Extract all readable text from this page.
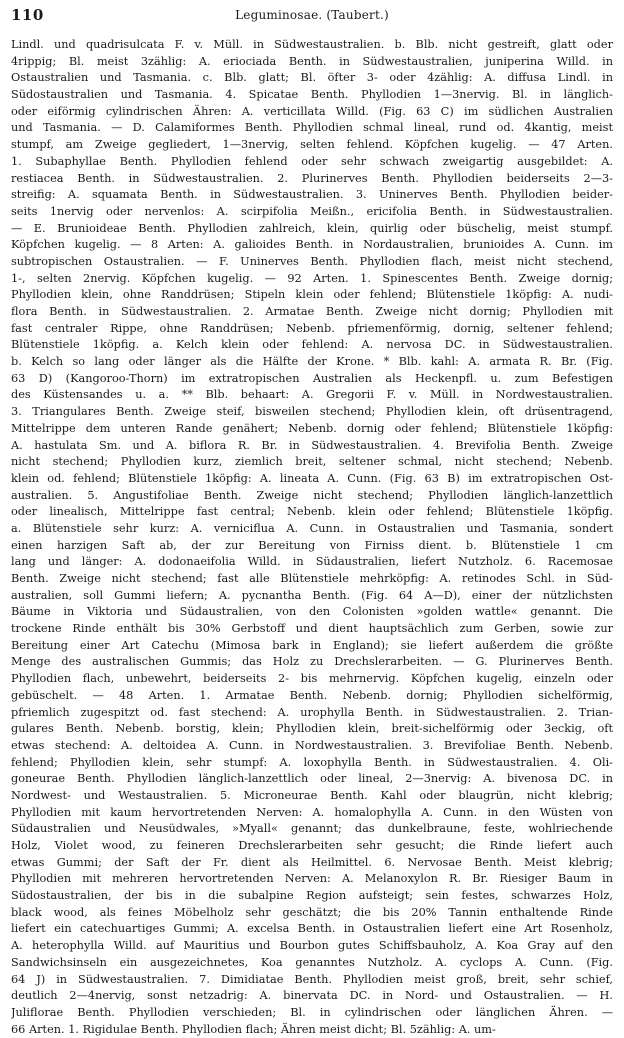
110	Leguminosae. (Taubert.)
Lindl. und quadrisulcata F. v. Müll. in Südwestaustralien. b. Blb. nicht gestreift, glatt oder
4rippig; Bl. meist 3zählig: A. eriociada Benth. in Südwestaustralien, juniperina Willd. in
Ostaustralien und Tasmania. c. Blb. glatt; Bl. öfter 3- oder 4zählig: A. diffusa Lindl. in
Südostaustralien und Tasmania. 4. Spicatae Benth. Phyllodien 1—3nervig. Bl. in länglich-
oder eiförmig cylindrischen Ähren: A. verticillata Willd. (Fig. 63 C) im südlichen Australien
und Tasmania. — D. Calamiformes Benth. Phyllodien schmal lineal, rund od. 4kantig, meist
stumpf, am Zweige gegliedert, 1—3nervig, selten fehlend. Köpfchen kugelig. — 47 Arten.
1. Subaphyllae Benth. Phyllodien fehlend oder sehr schwach zweigartig ausgebildet: A.
restiacea Benth. in Südwestaustralien. 2. Plurinerves Benth. Phyllodien beiderseits 2—3-
streifig: A. squamata Benth. in Südwestaustralien. 3. Uninerves Benth. Phyllodien beider-
seits 1nervig oder nervenlos: A. scirpifolia Meißn., ericifolia Benth. in Südwestaustralien.
— E. Brunioideae Benth. Phyllodien zahlreich, klein, quirlig oder büschelig, meist stumpf.
Köpfchen kugelig. — 8 Arten: A. galioides Benth. in Nordaustralien, brunioides A. Cunn. im
subtropischen Ostaustralien. — F. Uninerves Benth. Phyllodien flach, meist nicht stechend,
1-, selten 2nervig. Köpfchen kugelig. — 92 Arten. 1. Spinescentes Benth. Zweige dornig;
Phyllodien klein, ohne Randdrüsen; Stipeln klein oder fehlend; Blütenstiele 1köpfig: A. nudi-
flora Benth. in Südwestaustralien. 2. Armatae Benth. Zweige nicht dornig; Phyllodien mit
fast centraler Rippe, ohne Randdrüsen; Nebenb. pfriemenförmig, dornig, seltener fehlend;
Blütenstiele 1köpfig. a. Kelch klein oder fehlend: A. nervosa DC. in Südwestaustralien.
b. Kelch so lang oder länger als die Hälfte der Krone. * Blb. kahl: A. armata R. Br. (Fig.
63 D) (Kangoroo-Thorn) im extratropischen Australien als Heckenpfl. u. zum Befestigen
des Küstensandes u. a. ** Blb. behaart: A. Gregorii F. v. Müll. in Nordwestaustralien.
3. Triangulares Benth. Zweige steif, bisweilen stechend; Phyllodien klein, oft drüsentragend,
Mittelrippe dem unteren Rande genähert; Nebenb. dornig oder fehlend; Blütenstiele 1köpfig:
A. hastulata Sm. und A. biflora R. Br. in Südwestaustralien. 4. Brevifolia Benth. Zweige
nicht stechend; Phyllodien kurz, ziemlich breit, seltener schmal, nicht stechend; Nebenb.
klein od. fehlend; Blütenstiele 1köpfig: A. lineata A. Cunn. (Fig. 63 B) im extratropischen Ost-
australien. 5. Angustifoliae Benth. Zweige nicht stechend; Phyllodien länglich-lanzettlich
oder linealisch, Mittelrippe fast central; Nebenb. klein oder fehlend; Blütenstiele 1köpfig.
a. Blütenstiele sehr kurz: A. verniciflua A. Cunn. in Ostaustralien und Tasmania, sondert
einen harzigen Saft ab, der zur Bereitung von Firniss dient. b. Blütenstiele 1 cm
lang und länger: A. dodonaeifolia Willd. in Südaustralien, liefert Nutzholz. 6. Racemosae
Benth. Zweige nicht stechend; fast alle Blütenstiele mehrköpfig: A. retinodes Schl. in Süd-
australien, soll Gummi liefern; A. pycnantha Benth. (Fig. 64 A—D), einer der nützlichsten
Bäume in Viktoria und Südaustralien, von den Colonisten »golden wattle« genannt. Die
trockene Rinde enthält bis 30% Gerbstoff und dient hauptsächlich zum Gerben, sowie zur
Bereitung einer Art Catechu (Mimosa bark in England); sie liefert außerdem die größte
Menge des australischen Gummis; das Holz zu Drechslerarbeiten. — G. Plurinerves Benth.
Phyllodien flach, unbewehrt, beiderseits 2- bis mehrnervig. Köpfchen kugelig, einzeln oder
gebüschelt. — 48 Arten. 1. Armatae Benth. Nebenb. dornig; Phyllodien sichelförmig,
pfriemlich zugespitzt od. fast stechend: A. urophylla Benth. in Südwestaustralien. 2. Trian-
gulares Benth. Nebenb. borstig, klein; Phyllodien klein, breit-sichelförmig oder 3eckig, oft
etwas stechend: A. deltoidea A. Cunn. in Nordwestaustralien. 3. Brevifoliae Benth. Nebenb.
fehlend; Phyllodien klein, sehr stumpf: A. loxophylla Benth. in Südwestaustralien. 4. Oli-
goneurae Benth. Phyllodien länglich-lanzettlich oder lineal, 2—3nervig: A. bivenosa DC. in
Nordwest- und Westaustralien. 5. Microneurae Benth. Kahl oder blaugrün, nicht klebrig;
Phyllodien mit kaum hervortretenden Nerven: A. homalophylla A. Cunn. in den Wüsten von
Südaustralien und Neusüdwales, »Myall« genannt; das dunkelbraune, feste, wohlriechende
Holz, Violet wood, zu feineren Drechslerarbeiten sehr gesucht; die Rinde liefert auch
etwas Gummi; der Saft der Fr. dient als Heilmittel. 6. Nervosae Benth. Meist klebrig;
Phyllodien mit mehreren hervortretenden Nerven: A. Melanoxylon R. Br. Riesiger Baum in
Südostaustralien, der bis in die subalpine Region aufsteigt; sein festes, schwarzes Holz,
black wood, als feines Möbelholz sehr geschätzt; die bis 20% Tannin enthaltende Rinde
liefert ein catechuartiges Gummi; A. excelsa Benth. in Ostaustralien liefert eine Art Rosenholz,
A. heterophylla Willd. auf Mauritius und Bourbon gutes Schiffsbauholz, A. Koa Gray auf den
Sandwichsinseln ein ausgezeichnetes, Koa genanntes Nutzholz. A. cyclops A. Cunn. (Fig.
64 J) in Südwestaustralien. 7. Dimidiatae Benth. Phyllodien meist groß, breit, sehr schief,
deutlich 2—4nervig, sonst netzadrig: A. binervata DC. in Nord- und Ostaustralien. — H.
Juliflorae Benth. Phyllodien verschieden; Bl. in cylindrischen oder länglichen Ähren. —
66 Arten. 1. Rigidulae Benth. Phyllodien flach; Ähren meist dicht; Bl. 5zählig: A. um-
